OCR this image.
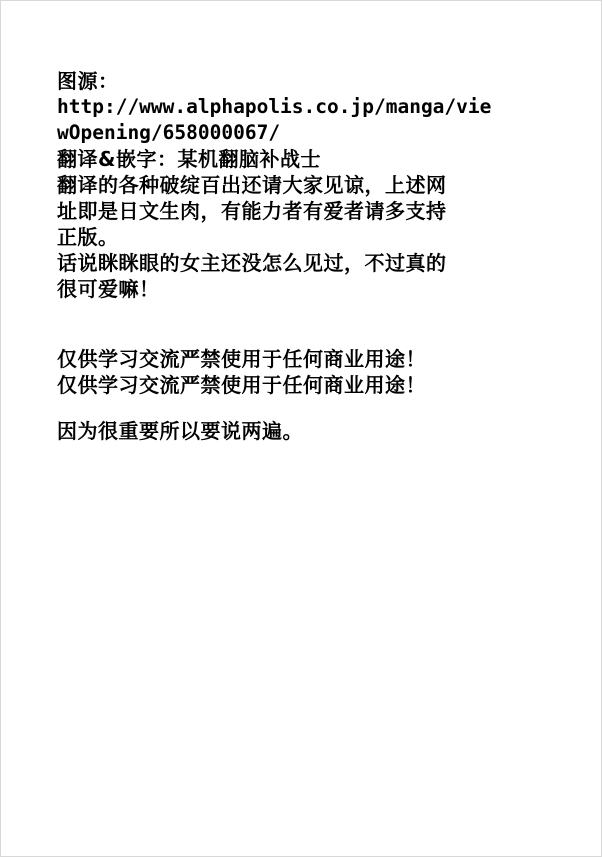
图源：
http://www.alphapolis.co.jp/manga/vie
wOpening/658000067/
翻译&嵌字：某机翻脑补战士
翻译的各种破绽百出还请大家见谅，上述网
址即是日文生肉，有能力者有爱者请多支持
正版。
话说眯眯眼的女主还没怎么见过，不过真的
很可爱嘛！
仅供学习交流严禁使用于任何商业用途！
仅供学习交流严禁使用于任何商业用途！
因为很重要所以要说两遍。
